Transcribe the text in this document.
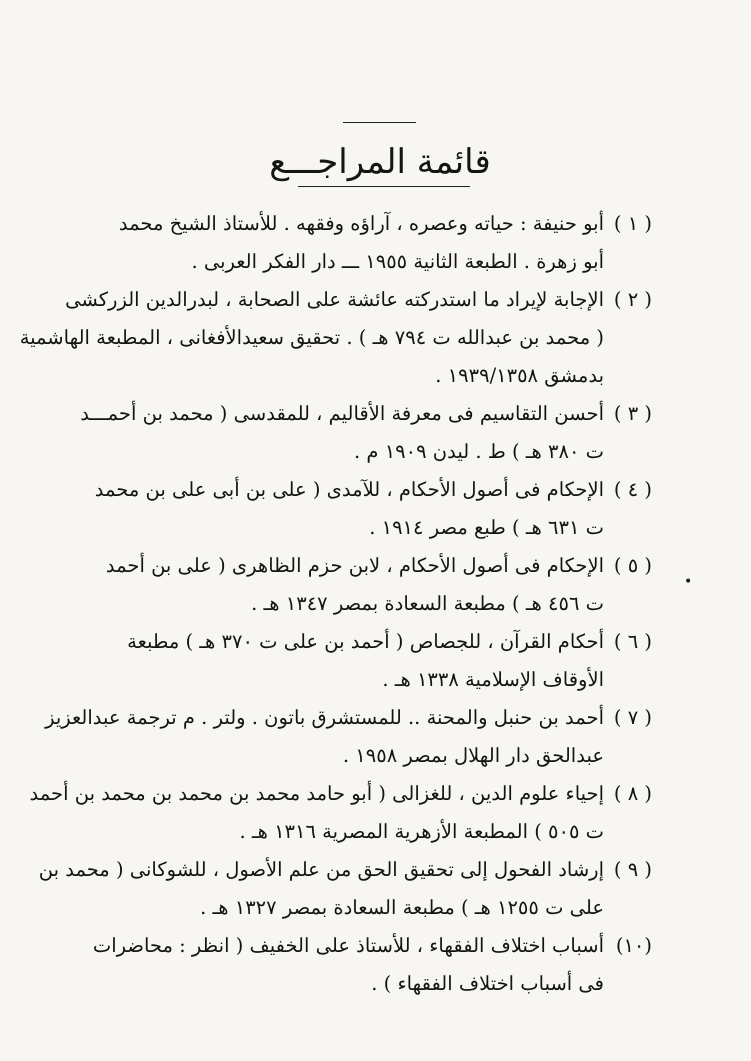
قائمة المراجـــع
( ١ )
أبو حنيفة : حياته وعصره ، آراؤه وفقهه . للأستاذ الشيخ محمد
أبو زهرة . الطبعة الثانية ١٩٥٥ ـــ دار الفكر العربى .
( ٢ )
الإجابة لإيراد ما استدركته عائشة على الصحابة ، لبدرالدين الزركشى
( محمد بن عبدالله ت ٧٩٤ هـ ) . تحقيق سعيدالأفغانى ، المطبعة الهاشمية
بدمشق ١٩٣٩/١٣٥٨ .
( ٣ )
أحسن التقاسيم فى معرفة الأقاليم ، للمقدسى ( محمد بن أحمـــد
ت ٣٨٠ هـ ) ط . ليدن ١٩٠٩ م .
( ٤ )
الإحكام فى أصول الأحكام ، للآمدى ( على بن أبى على بن محمد
ت ٦٣١ هـ ) طبع مصر ١٩١٤ .
( ٥ )
الإحكام فى أصول الأحكام ، لابن حزم الظاهرى ( على بن أحمد
ت ٤٥٦ هـ ) مطبعة السعادة بمصر ١٣٤٧ هـ .
( ٦ )
أحكام القرآن ، للجصاص ( أحمد بن على ت ٣٧٠ هـ ) مطبعة
الأوقاف الإسلامية ١٣٣٨ هـ .
( ٧ )
أحمد بن حنبل والمحنة .. للمستشرق باتون . ولتر . م ترجمة عبدالعزيز
عبدالحق دار الهلال بمصر ١٩٥٨ .
( ٨ )
إحياء علوم الدين ، للغزالى ( أبو حامد محمد بن محمد بن محمد بن أحمد
ت ٥٠٥ ) المطبعة الأزهرية المصرية ١٣١٦ هـ .
( ٩ )
إرشاد الفحول إلى تحقيق الحق من علم الأصول ، للشوكانى ( محمد بن
على ت ١٢٥٥ هـ ) مطبعة السعادة بمصر ١٣٢٧ هـ .
(١٠)
أسباب اختلاف الفقهاء ، للأستاذ على الخفيف ( انظر : محاضرات
فى أسباب اختلاف الفقهاء ) .
•
